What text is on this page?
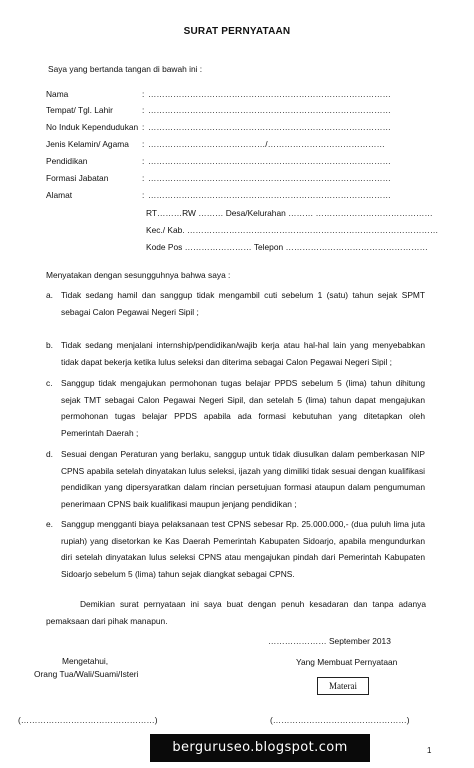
SURAT PERNYATAAN
Saya yang bertanda tangan di bawah ini :
Nama	: ……………………………………………………………………………
Tempat/ Tgl. Lahir	: ……………………………………………………………………………
No Induk Kependudukan : ……………………………………………………………………………
Jenis Kelamin/ Agama : ……………………………………/……………………………………
Pendidikan	: ……………………………………………………………………………
Formasi Jabatan	: ……………………………………………………………………………
Alamat	: ……………………………………………………………………………
RT………RW ……… Desa/Kelurahan ……… ……………………………………
Kec./ Kab. ………………………………………………………………………………
Kode Pos …………………… Telepon ……………………………………………
Menyatakan dengan sesungguhnya bahwa saya :
a. Tidak sedang hamil dan sanggup tidak mengambil cuti sebelum 1 (satu) tahun sejak SPMT sebagai Calon Pegawai Negeri Sipil ;
b. Tidak sedang menjalani internship/pendidikan/wajib kerja atau hal-hal lain yang menyebabkan tidak dapat bekerja ketika lulus seleksi dan diterima sebagai Calon Pegawai Negeri Sipil ;
c. Sanggup tidak mengajukan permohonan tugas belajar PPDS sebelum 5 (lima) tahun dihitung sejak TMT sebagai Calon Pegawai Negeri Sipil, dan setelah 5 (lima) tahun dapat mengajukan permohonan tugas belajar PPDS apabila ada formasi kebutuhan yang ditetapkan oleh Pemerintah Daerah ;
d. Sesuai dengan Peraturan yang berlaku, sanggup untuk tidak diusulkan dalam pemberkasan NIP CPNS apabila setelah dinyatakan lulus seleksi, ijazah yang dimiliki tidak sesuai dengan kualifikasi pendidikan yang dipersyaratkan dalam rincian persetujuan formasi ataupun dalam pengumuman penerimaan CPNS baik kualifikasi maupun jenjang pendidikan ;
e. Sanggup mengganti biaya pelaksanaan test CPNS sebesar Rp. 25.000.000,- (dua puluh lima juta rupiah) yang disetorkan ke Kas Daerah Pemerintah Kabupaten Sidoarjo, apabila mengundurkan diri setelah dinyatakan lulus seleksi CPNS atau mengajukan pindah dari Pemerintah Kabupaten Sidoarjo sebelum 5 (lima) tahun sejak diangkat sebagai CPNS.
Demikian surat pernyataan ini saya buat dengan penuh kesadaran dan tanpa adanya pemaksaan dari pihak manapun.
………………… September 2013
Mengetahui,
Orang Tua/Wali/Suami/Isteri
Yang Membuat Pernyataan
Materai
(…………………………………………)	(…………………………………………)
berguruseo.blogspot.com	1
